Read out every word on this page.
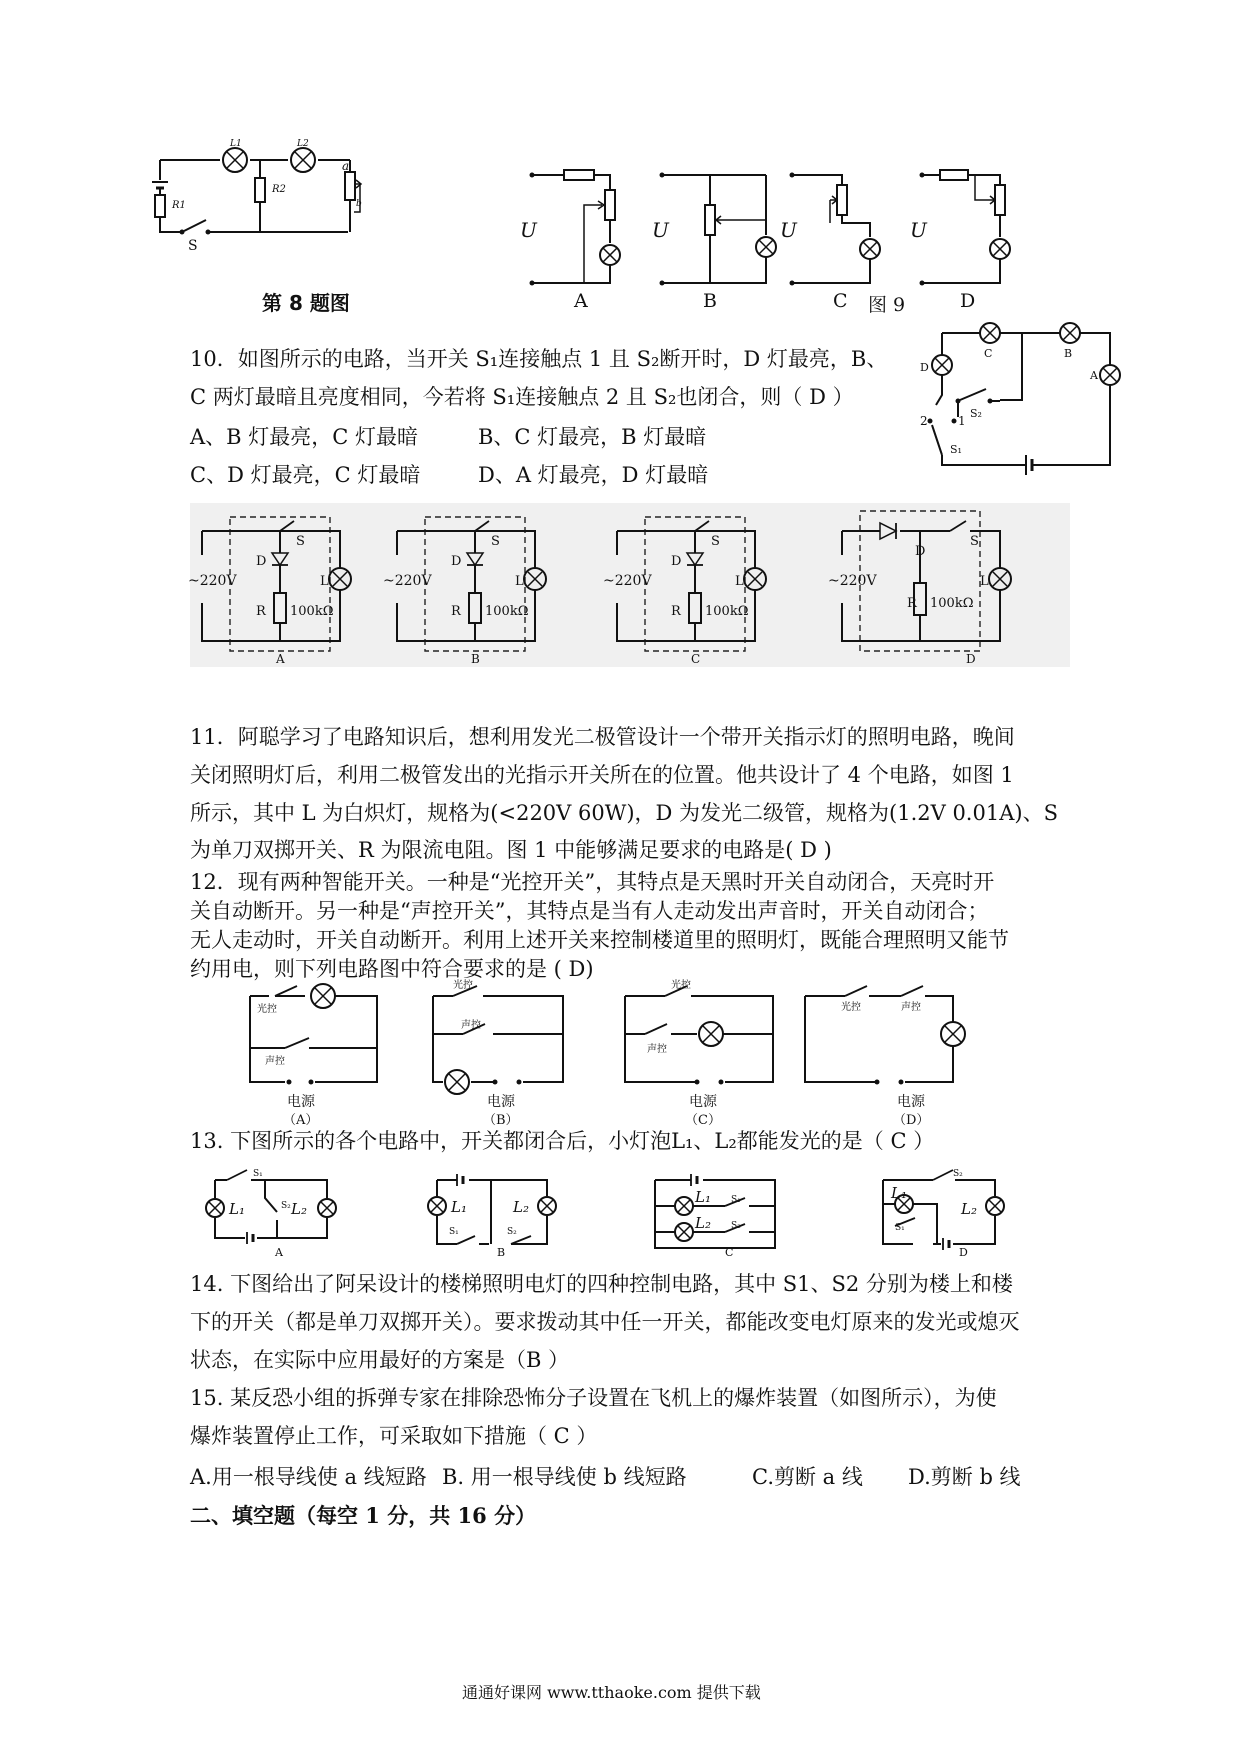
L1	L2
R1
R2
a
b
S
第 8 题图
U	U	U	U
A	B	C 图 9	D
10．如图所示的电路，当开关 S₁连接触点 1 且 S₂断开时，D 灯最亮，B、
C 两灯最暗且亮度相同，今若将 S₁连接触点 2 且 S₂也闭合，则（ D ）
A、B 灯最亮，C 灯最暗	B、C 灯最亮，B 灯最暗
C、D 灯最亮，C 灯最暗	D、A 灯最亮，D 灯最暗
D
C	B
A
S₂
S₁
2	1
~220V	~220V	~220V	~220V
100kΩ	100kΩ	100kΩ
100kΩ
D	D	D
D
S	S	S	S
R	R	R
R
L	L	L	L
A	B	C	D
11．阿聪学习了电路知识后，想利用发光二极管设计一个带开关指示灯的照明电路，晚间
关闭照明灯后，利用二极管发出的光指示开关所在的位置。他共设计了 4 个电路，如图 1
所示，其中 L 为白炽灯，规格为(<220V 60W)，D 为发光二级管，规格为(1.2V 0.01A)、S
为单刀双掷开关、R 为限流电阻。图 1 中能够满足要求的电路是( D )
12．现有两种智能开关。一种是“光控开关”，其特点是天黑时开关自动闭合，天亮时开
关自动断开。另一种是“声控开关”，其特点是当有人走动发出声音时，开关自动闭合；
无人走动时，开关自动断开。利用上述开关来控制楼道里的照明灯，既能合理照明又能节
约用电，则下列电路图中符合要求的是 ( D)
光控
声控
光控
声控
光控
声控
光控	声控
电源	电源	电源	电源
（A）	（B）	（C）	（D）
13. 下图所示的各个电路中，开关都闭合后，小灯泡L₁、L₂都能发光的是（ C ）
L₁	L₂
S₁
S₂	L₁	L₂
S₁	S₂
L₁
L₂
S₁
S₂
L₁
L₂
S₂
S₁
A	B	C	D
14. 下图给出了阿呆设计的楼梯照明电灯的四种控制电路，其中 S1、S2 分别为楼上和楼
下的开关（都是单刀双掷开关）。要求拨动其中任一开关，都能改变电灯原来的发光或熄灭
状态，在实际中应用最好的方案是（B ）
15. 某反恐小组的拆弹专家在排除恐怖分子设置在飞机上的爆炸装置（如图所示），为使
爆炸装置停止工作，可采取如下措施（ C ）
A.用一根导线使 a 线短路 B. 用一根导线使 b 线短路	C.剪断 a 线 D.剪断 b 线
二、填空题（每空 1 分，共 16 分）
通通好课网 www.tthaoke.com 提供下载
